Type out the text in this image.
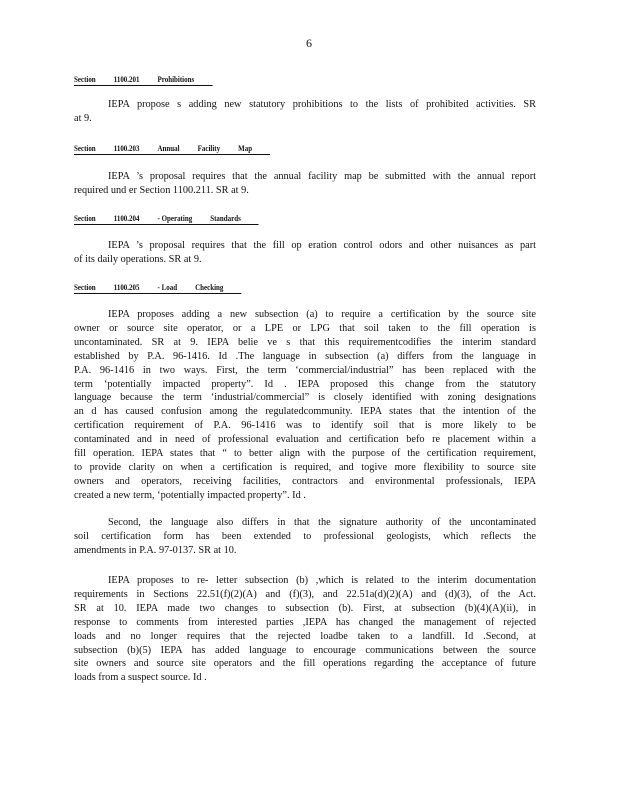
6
Section 1100.201 Prohibitions
IEPA propose s adding new statutory prohibitions to the lists of prohibited activities. SR
at 9.
Section 1100.203 Annual Facility Map
IEPA ’s proposal requires that the annual facility map be submitted with the annual report
required und er Section 1100.211. SR at 9.
Section 1100.204 - Operating Standards
IEPA ’s proposal requires that the fill op eration control odors and other nuisances as part
of its daily operations. SR at 9.
Section 1100.205 - Load Checking
IEPA proposes adding a new subsection (a) to require a certification by the source site
owner or source site operator, or a LPE or LPG that soil taken to the fill operation is
uncontaminated. SR at 9. IEPA belie ve s that this requirementcodifies the interim standard
established by P.A. 96-1416. Id .The language in subsection (a) differs from the language in
P.A. 96-1416 in two ways. First, the term ‘commercial/industrial” has been replaced with the
term ‘potentially impacted property”. Id . IEPA proposed this change from the statutory
language because the term ‘industrial/commercial” is closely identified with zoning designations
an d has caused confusion among the regulatedcommunity. IEPA states that the intention of the
certification requirement of P.A. 96-1416 was to identify soil that is more likely to be
contaminated and in need of professional evaluation and certification befo re placement within a
fill operation. IEPA states that “ to better align with the purpose of the certification requirement,
to provide clarity on when a certification is required, and togive more flexibility to source site
owners and operators, receiving facilities, contractors and environmental professionals, IEPA
created a new term, ‘potentially impacted property”. Id .
Second, the language also differs in that the signature authority of the uncontaminated
soil certification form has been extended to professional geologists, which reflects the
amendments in P.A. 97-0137. SR at 10.
IEPA proposes to re- letter subsection (b) ,which is related to the interim documentation
requirements in Sections 22.51(f)(2)(A) and (f)(3), and 22.51a(d)(2)(A) and (d)(3), of the Act.
SR at 10. IEPA made two changes to subsection (b). First, at subsection (b)(4)(A)(ii), in
response to comments from interested parties ,IEPA has changed the management of rejected
loads and no longer requires that the rejected loadbe taken to a landfill. Id .Second, at
subsection (b)(5) IEPA has added language to encourage communications between the source
site owners and source site operators and the fill operations regarding the acceptance of future
loads from a suspect source. Id .
